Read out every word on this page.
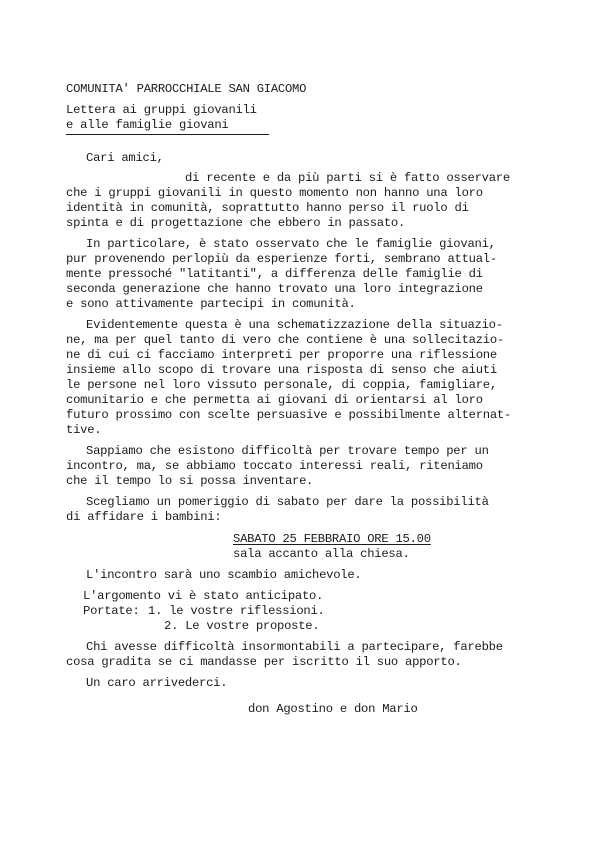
COMUNITA' PARROCCHIALE SAN GIACOMO
Lettera ai gruppi giovanili
e alle famiglie giovani
Cari amici,
di recente e da più parti si è fatto osservare
che i gruppi giovanili in questo momento non hanno una loro
identità in comunità, soprattutto hanno perso il ruolo di
spinta e di progettazione che ebbero in passato.
In particolare, è stato osservato che le famiglie giovani,
pur provenendo perlopiù da esperienze forti, sembrano attual-
mente pressoché "latitanti", a differenza delle famiglie di
seconda generazione che hanno trovato una loro integrazione
e sono attivamente partecipi in comunità.
Evidentemente questa è una schematizzazione della situazio-
ne, ma per quel tanto di vero che contiene è una sollecitazio-
ne di cui ci facciamo interpreti per proporre una riflessione
insieme allo scopo di trovare una risposta di senso che aiuti
le persone nel loro vissuto personale, di coppia, famigliare,
comunitario e che permetta ai giovani di orientarsi al loro
futuro prossimo con scelte persuasive e possibilmente alternat-
tive.
Sappiamo che esistono difficoltà per trovare tempo per un
incontro, ma, se abbiamo toccato interessi reali, riteniamo
che il tempo lo si possa inventare.
Scegliamo un pomeriggio di sabato per dare la possibilità
di affidare i bambini:
SABATO 25 FEBBRAIO ORE 15.00
sala accanto alla chiesa.
L'incontro sarà uno scambio amichevole.
L'argomento vi è stato anticipato.
Portate: 1. le vostre riflessioni.
2. Le vostre proposte.
Chi avesse difficoltà insormontabili a partecipare, farebbe
cosa gradita se ci mandasse per iscritto il suo apporto.
Un caro arrivederci.
don Agostino e don Mario
